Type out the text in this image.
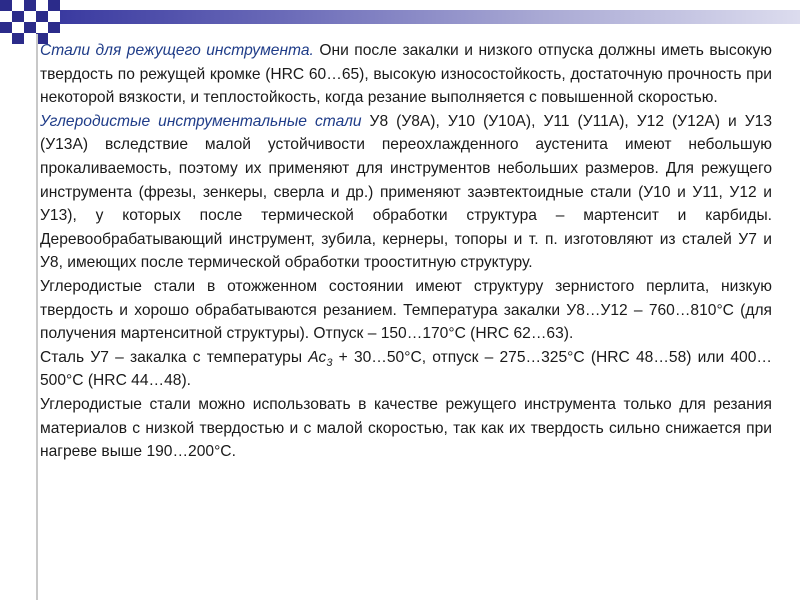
Стали для режущего инструмента. Они после закалки и низкого отпуска должны иметь высокую твердость по режущей кромке (HRC 60…65), высокую износостойкость, достаточную прочность при некоторой вязкости, и теплостойкость, когда резание выполняется с повышенной скоростью.

Углеродистые инструментальные стали У8 (У8А), У10 (У10А), У11 (У11А), У12 (У12А) и У13 (У13А) вследствие малой устойчивости переохлажденного аустенита имеют небольшую прокаливаемость, поэтому их применяют для инструментов небольших размеров. Для режущего инструмента (фрезы, зенкеры, сверла и др.) применяют заэвтектоидные стали (У10 и У11, У12 и У13), у которых после термической обработки структура – мартенсит и карбиды. Деревообрабатывающий инструмент, зубила, кернеры, топоры и т. п. изготовляют из сталей У7 и У8, имеющих после термической обработки трооститную структуру.

Углеродистые стали в отожженном состоянии имеют структуру зернистого перлита, низкую твердость и хорошо обрабатываются резанием. Температура закалки У8…У12 – 760…810°С (для получения мартенситной структуры). Отпуск – 150…170°С (HRC 62…63).

Сталь У7 – закалка с температуры $Ас_3$ + 30…50°С, отпуск – 275…325°С (HRC 48…58) или 400…500°С (HRC 44…48).

Углеродистые стали можно использовать в качестве режущего инструмента только для резания материалов с низкой твердостью и с малой скоростью, так как их твердость сильно снижается при нагреве выше 190…200°С.
